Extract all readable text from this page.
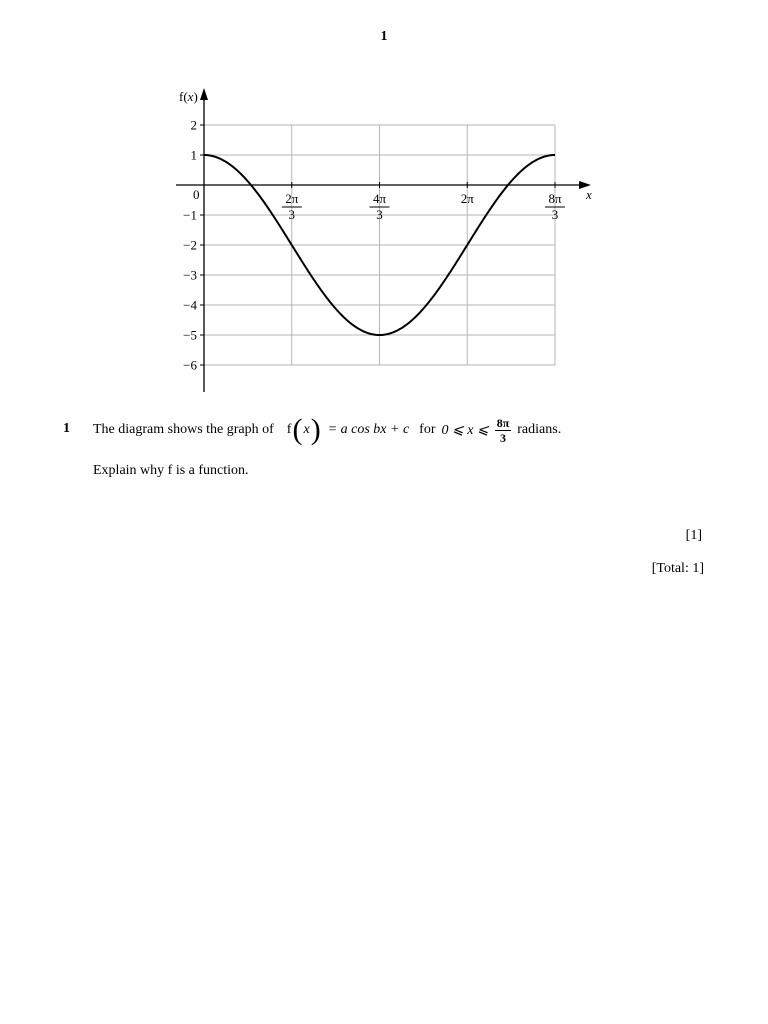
1
f(x)
x
0
2
1
−1
−2
−3
−4
−5
−6
2π
3
4π
3
2π	8π
3
1 The diagram shows the graph of f ( x ) = a cos bx + c for 0 ⩽ x ⩽ $\frac{8\pi}{3}$ radians.
Explain why f is a function.
[1]
[Total: 1]
